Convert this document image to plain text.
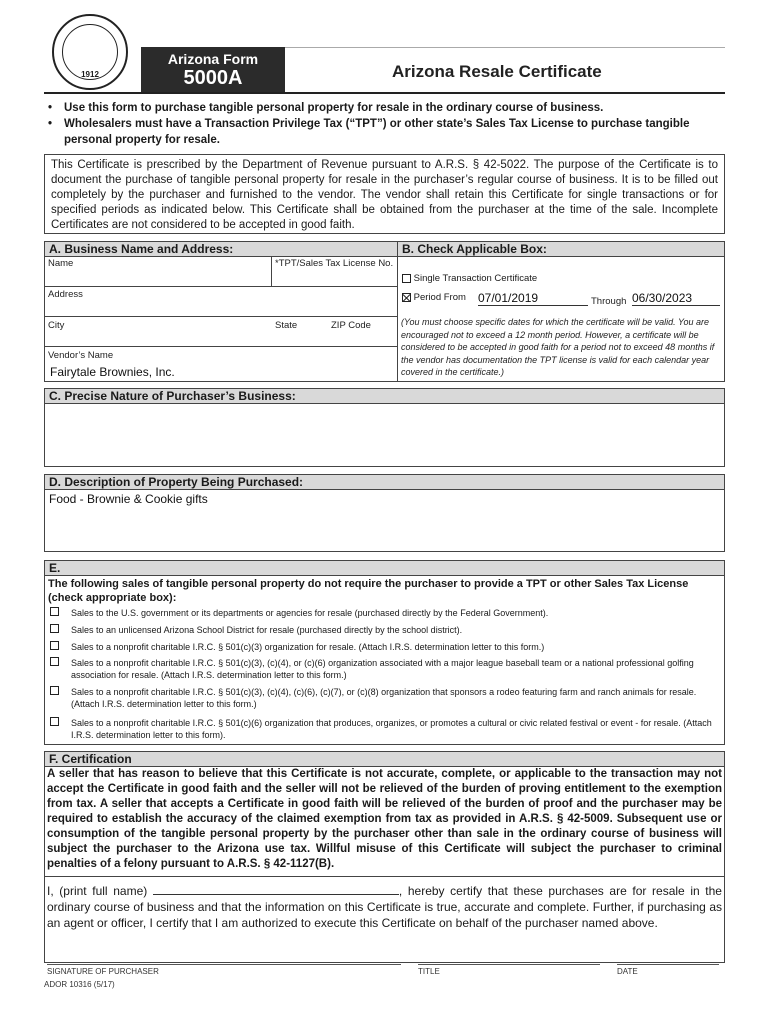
1912
Arizona Form
5000A	Arizona Resale Certificate
• Use this form to purchase tangible personal property for resale in the ordinary course of business.
• Wholesalers must have a Transaction Privilege Tax (“TPT”) or other state’s Sales Tax License to purchase tangible personal property for resale.
This Certificate is prescribed by the Department of Revenue pursuant to A.R.S. § 42-5022. The purpose of the Certificate is to document the purchase of tangible personal property for resale in the purchaser’s regular course of business. It is to be filled out completely by the purchaser and furnished to the vendor. The vendor shall retain this Certificate for single transactions or for specified periods as indicated below. This Certificate shall be obtained from the purchaser at the time of the sale. Incomplete Certificates are not considered to be accepted in good faith.
A. Business Name and Address:	B. Check Applicable Box:
Name	*TPT/Sales Tax License No.
Address
City	State	ZIP Code
Vendor’s Name
Fairytale Brownies, Inc.
Single Transaction Certificate
Period From	07/01/2019	Through 06/30/2023
(You must choose specific dates for which the certificate will be valid. You are encouraged not to exceed a 12 month period. However, a certificate will be considered to be accepted in good faith for a period not to exceed 48 months if the vendor has documentation the TPT license is valid for each calendar year covered in the certificate.)
C. Precise Nature of Purchaser’s Business:
D. Description of Property Being Purchased:
Food - Brownie & Cookie gifts
E.
The following sales of tangible personal property do not require the purchaser to provide a TPT or other Sales Tax License (check appropriate box):
Sales to the U.S. government or its departments or agencies for resale (purchased directly by the Federal Government).
Sales to an unlicensed Arizona School District for resale (purchased directly by the school district).
Sales to a nonprofit charitable I.R.C. § 501(c)(3) organization for resale. (Attach I.R.S. determination letter to this form.)
Sales to a nonprofit charitable I.R.C. § 501(c)(3), (c)(4), or (c)(6) organization associated with a major league baseball team or a national professional golfing association for resale. (Attach I.R.S. determination letter to this form.)
Sales to a nonprofit charitable I.R.C. § 501(c)(3), (c)(4), (c)(6), (c)(7), or (c)(8) organization that sponsors a rodeo featuring farm and ranch animals for resale. (Attach I.R.S. determination letter to this form.)
Sales to a nonprofit charitable I.R.C. § 501(c)(6) organization that produces, organizes, or promotes a cultural or civic related festival or event - for resale. (Attach I.R.S. determination letter to this form).
F. Certification
A seller that has reason to believe that this Certificate is not accurate, complete, or applicable to the transaction may not accept the Certificate in good faith and the seller will not be relieved of the burden of proving entitlement to the exemption from tax. A seller that accepts a Certificate in good faith will be relieved of the burden of proof and the purchaser may be required to establish the accuracy of the claimed exemption from tax as provided in A.R.S. § 42-5009. Subsequent use or consumption of the tangible personal property by the purchaser other than sale in the ordinary course of business will subject the purchaser to the Arizona use tax. Willful misuse of this Certificate will subject the purchaser to criminal penalties of a felony pursuant to A.R.S. § 42-1127(B).
I, (print full name)	, hereby certify that these purchases are for resale in the ordinary course of business and that the information on this Certificate is true, accurate and complete. Further, if purchasing as an agent or officer, I certify that I am authorized to execute this Certificate on behalf of the purchaser named above.
SIGNATURE OF PURCHASER	TITLE	DATE
ADOR 10316 (5/17)
